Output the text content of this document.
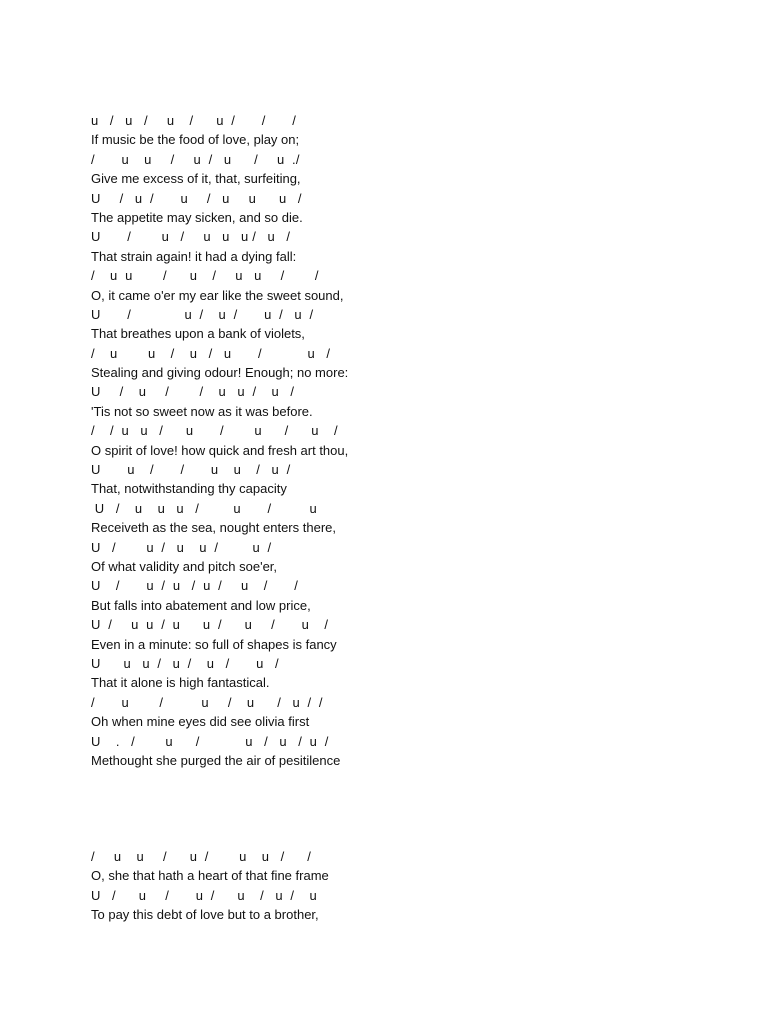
u   /   u   /     u    /      u  /       /       /
If music be the food of love, play on;
/       u    u     /     u  /   u      /     u  ./
Give me excess of it, that, surfeiting,
U     /   u  /       u     /   u     u      u   /
The appetite may sicken, and so die.
U       /        u   /     u   u   u /   u   /
That strain again! it had a dying fall:
/    u  u        /      u    /     u   u     /        /
O, it came o'er my ear like the sweet sound,
U       /              u  /    u  /       u  /   u  /
That breathes upon a bank of violets,
/    u        u    /    u   /   u       /            u   /
Stealing and giving odour! Enough; no more:
U     /    u     /        /    u   u  /    u   /
'Tis not so sweet now as it was before.
/    /  u   u   /      u       /        u      /      u    /
O spirit of love! how quick and fresh art thou,
U       u    /       /       u    u    /   u  /
That, notwithstanding thy capacity
U   /    u    u   u   /         u       /          u
Receiveth as the sea, nought enters there,
U   /        u  /   u    u  /         u  /
Of what validity and pitch soe'er,
U    /       u  /  u   /  u  /     u    /       /
But falls into abatement and low price,
U  /     u  u  /  u      u  /      u     /       u    /
Even in a minute: so full of shapes is fancy
U      u   u  /   u  /    u   /       u   /
That it alone is high fantastical.
/       u        /          u     /    u      /   u  /  /
Oh when mine eyes did see olivia first
U    .   /        u      /            u   /   u   /  u  /
Methought she purged the air of pesitilence
/     u    u     /      u  /        u    u   /      /
O, she that hath a heart of that fine frame
U   /      u     /       u  /      u    /   u  /    u
To pay this debt of love but to a brother,
